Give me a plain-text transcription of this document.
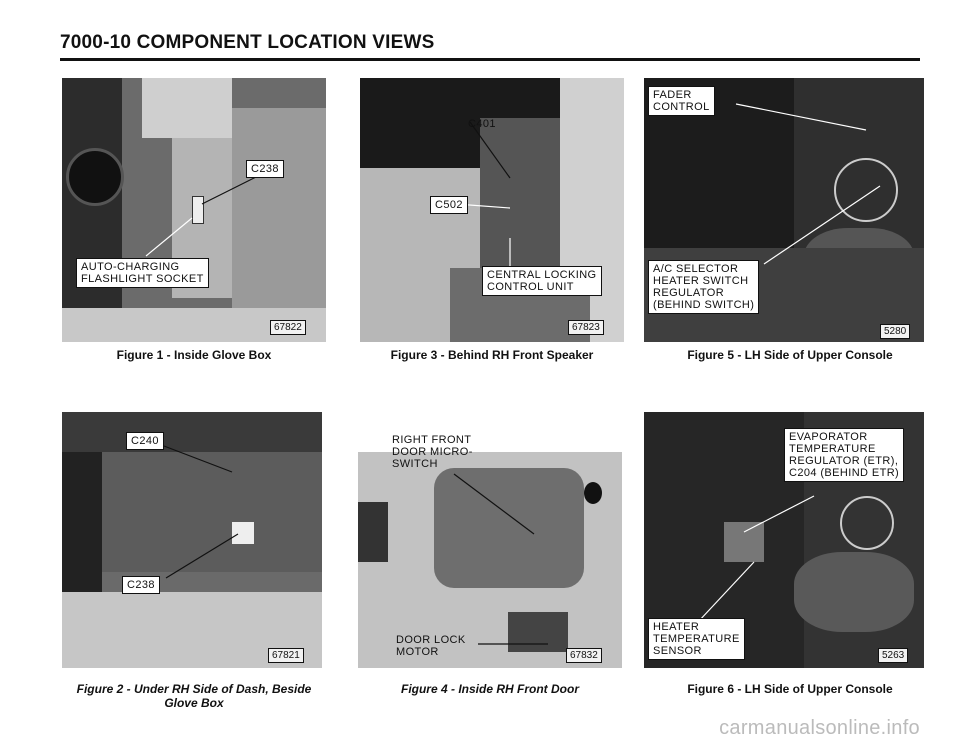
7000-10 COMPONENT LOCATION VIEWS
C238
AUTO-CHARGING
FLASHLIGHT SOCKET
67822
Figure 1 - Inside Glove Box
C401
C502
CENTRAL LOCKING
CONTROL UNIT
67823
Figure 3 - Behind RH Front Speaker
FADER
CONTROL
A/C SELECTOR
HEATER SWITCH
REGULATOR
(BEHIND SWITCH)
5280
Figure 5 - LH Side of Upper Console
C240
C238
67821
Figure 2 - Under RH Side of Dash, Beside
Glove Box
RIGHT FRONT
DOOR MICRO-
SWITCH
DOOR LOCK
MOTOR	67832
Figure 4 - Inside RH Front Door
EVAPORATOR
TEMPERATURE
REGULATOR (ETR),
C204 (BEHIND ETR)
HEATER
TEMPERATURE
SENSOR	5263
Figure 6 - LH Side of Upper Console
carmanualsonline.info
